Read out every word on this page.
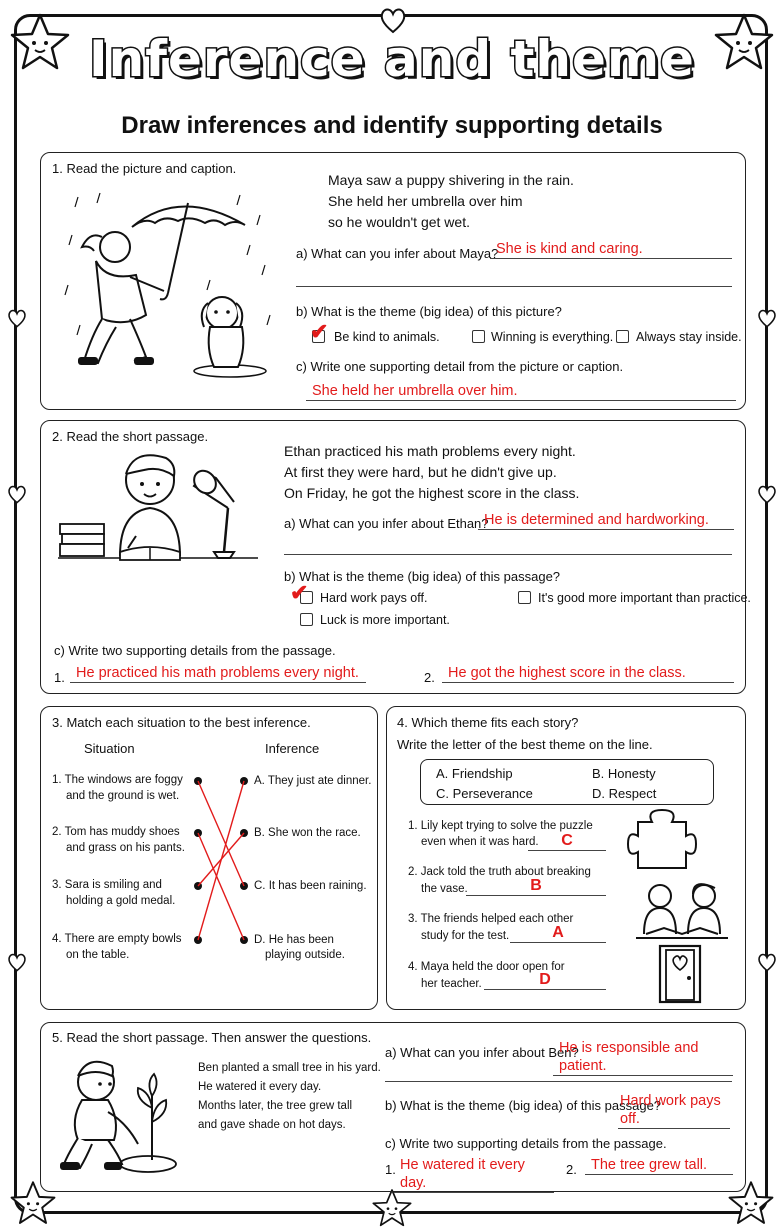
Inference and theme
Draw inferences and identify supporting details
1. Read the picture and caption.
Maya saw a puppy shivering in the rain.
She held her umbrella over him
so he wouldn't get wet.
a) What can you infer about Maya?
She is kind and caring.
b) What is the theme (big idea) of this picture?
✔ Be kind to animals.	Winning is everything. Always stay inside.
c) Write one supporting detail from the picture or caption.
She held her umbrella over him.
2. Read the short passage.
Ethan practiced his math problems every night.
At first they were hard, but he didn't give up.
On Friday, he got the highest score in the class.
a) What can you infer about Ethan?
He is determined and hardworking.
b) What is the theme (big idea) of this passage?
✔ Hard work pays off.	It's good more important than practice.
Luck is more important.
c) Write two supporting details from the passage.
1. He practiced his math problems every night.	2. He got the highest score in the class.
3. Match each situation to the best inference.
Situation	Inference
1. The windows are foggy
and the ground is wet.
2. Tom has muddy shoes
and grass on his pants.
3. Sara is smiling and
holding a gold medal.
4. There are empty bowls
on the table.
A. They just ate dinner.
B. She won the race.
C. It has been raining.
D. He has been
playing outside.
4. Which theme fits each story?
Write the letter of the best theme on the line.
A. Friendship	B. Honesty
C. Perseverance	D. Respect
1. Lily kept trying to solve the puzzle
even when it was hard.	C
2. Jack told the truth about breaking
the vase.	B
3. The friends helped each other
study for the test.	A
4. Maya held the door open for
her teacher.	D
5. Read the short passage. Then answer the questions.
Ben planted a small tree in his yard.
He watered it every day.
Months later, the tree grew tall
and gave shade on hot days.
a) What can you infer about Ben?
He is responsible and patient.
b) What is the theme (big idea) of this passage?
Hard work pays off.
c) Write two supporting details from the passage.
1. He watered it every day.
2. The tree grew tall.
